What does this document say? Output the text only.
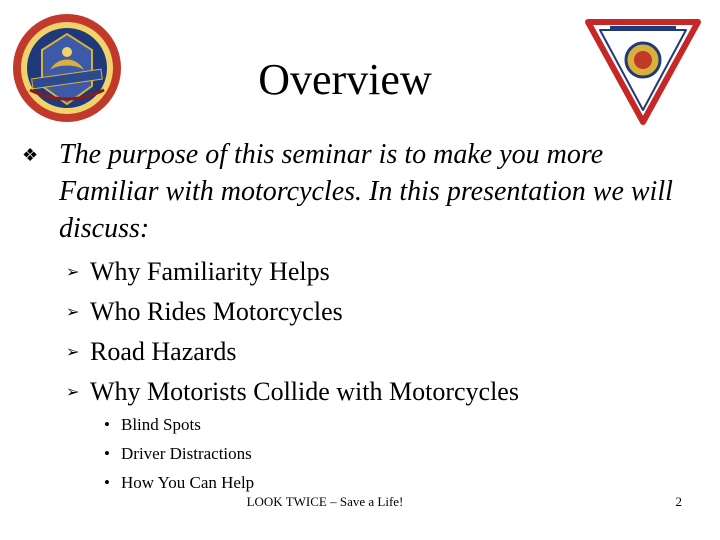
Overview
❖ The purpose of this seminar is to make you more Familiar with motorcycles. In this presentation we will discuss:
➢ Why Familiarity Helps
➢ Who Rides Motorcycles
➢ Road Hazards
➢ Why Motorists Collide with Motorcycles
• Blind Spots
• Driver Distractions
• How You Can Help
LOOK TWICE – Save a Life!	2
